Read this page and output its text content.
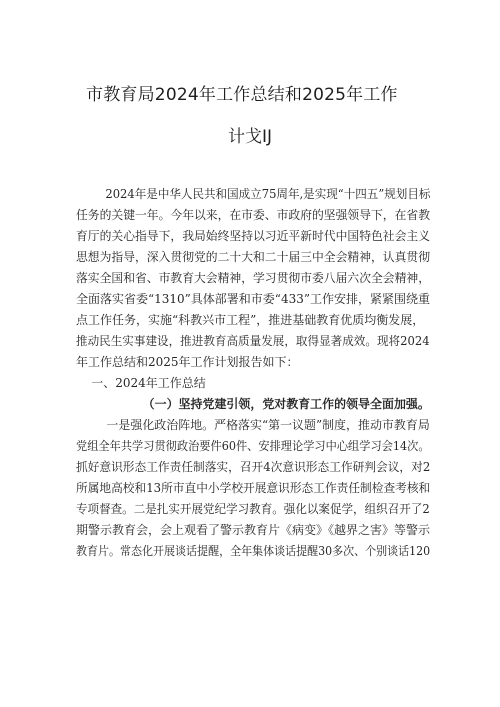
市教育局2024年工作总结和2025年工作
计戈IJ
2024年是中华人民共和国成立75周年,是实现“十四五”规划目标
任务的关键一年。今年以来，在市委、市政府的坚强领导下，在省教
育厅的关心指导下，我局始终坚持以习近平新时代中国特色社会主义
思想为指导，深入贯彻党的二十大和二十届三中全会精神，认真贯彻
落实全国和省、市教育大会精神，学习贯彻市委八届六次全会精神，
全面落实省委“1310”具体部署和市委“433”工作安排，紧紧围绕重
点工作任务，实施“科教兴市工程”，推进基础教育优质均衡发展，
推动民生实事建设，推进教育高质量发展，取得显著成效。现将2024
年工作总结和2025年工作计划报告如下：
一、2024年工作总结
（一）坚持党建引领，党对教育工作的领导全面加强。
一是强化政治阵地。严格落实“第一议题”制度，推动市教育局
党组全年共学习贯彻政治要件60件、安排理论学习中心组学习会14次。
抓好意识形态工作责任制落实，召开4次意识形态工作研判会议，对2
所属地高校和13所市直中小学校开展意识形态工作责任制检查考核和
专项督查。二是扎实开展党纪学习教育。强化以案促学，组织召开了2
期警示教育会，会上观看了警示教育片《病变》《越界之害》等警示
教育片。常态化开展谈话提醒，全年集体谈话提醒30多次、个别谈话120
